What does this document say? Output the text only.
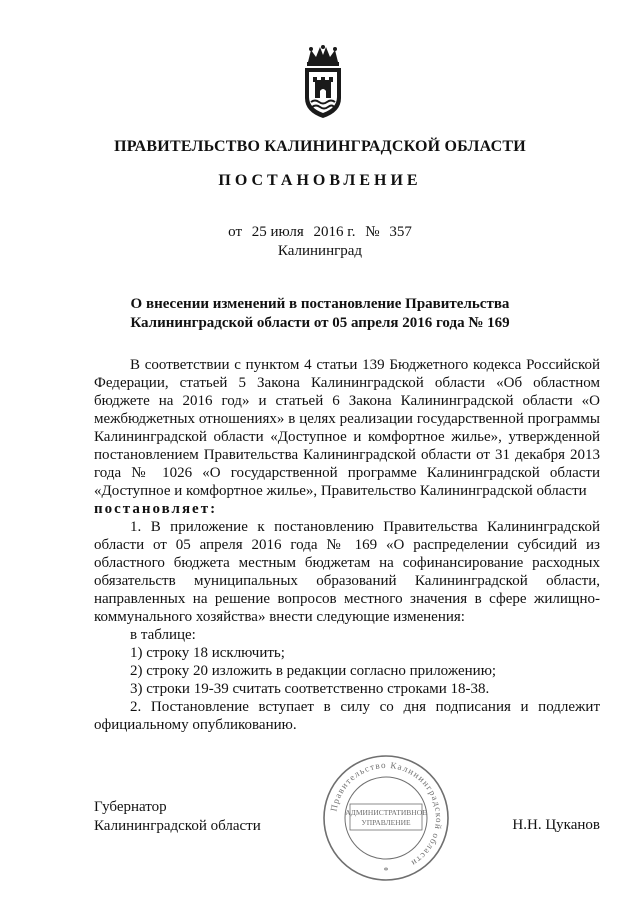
ПРАВИТЕЛЬСТВО КАЛИНИНГРАДСКОЙ ОБЛАСТИ
ПОСТАНОВЛЕНИЕ
от 25 июля 2016 г. № 357
Калининград
О внесении изменений в постановление Правительства
Калининградской области от 05 апреля 2016 года № 169

В соответствии с пунктом 4 статьи 139 Бюджетного кодекса Российской Федерации, статьей 5 Закона Калининградской области «Об областном бюджете на 2016 год» и статьей 6 Закона Калининградской области «О межбюджетных отношениях» в целях реализации государственной программы Калининградской области «Доступное и комфортное жилье», утвержденной постановлением Правительства Калининградской области от 31 декабря 2013 года № 1026 «О государственной программе Калининградской области «Доступное и комфортное жилье», Правительство Калининградской области

постановляет:

1. В приложение к постановлению Правительства Калининградской области от 05 апреля 2016 года № 169 «О распределении субсидий из областного бюджета местным бюджетам на софинансирование расходных обязательств муниципальных образований Калининградской области, направленных на решение вопросов местного значения в сфере жилищно-коммунального хозяйства» внести следующие изменения:

в таблице:

1) строку 18 исключить;

2) строку 20 изложить в редакции согласно приложению;

3) строки 19-39 считать соответственно строками 18-38.

2. Постановление вступает в силу со дня подписания и подлежит официальному опубликованию.

Правительство Калининградской области
АДМИНИСТРАТИВНОЕ
УПРАВЛЕНИЕ
*
Губернатор
Калининградской области	Н.Н. Цуканов
